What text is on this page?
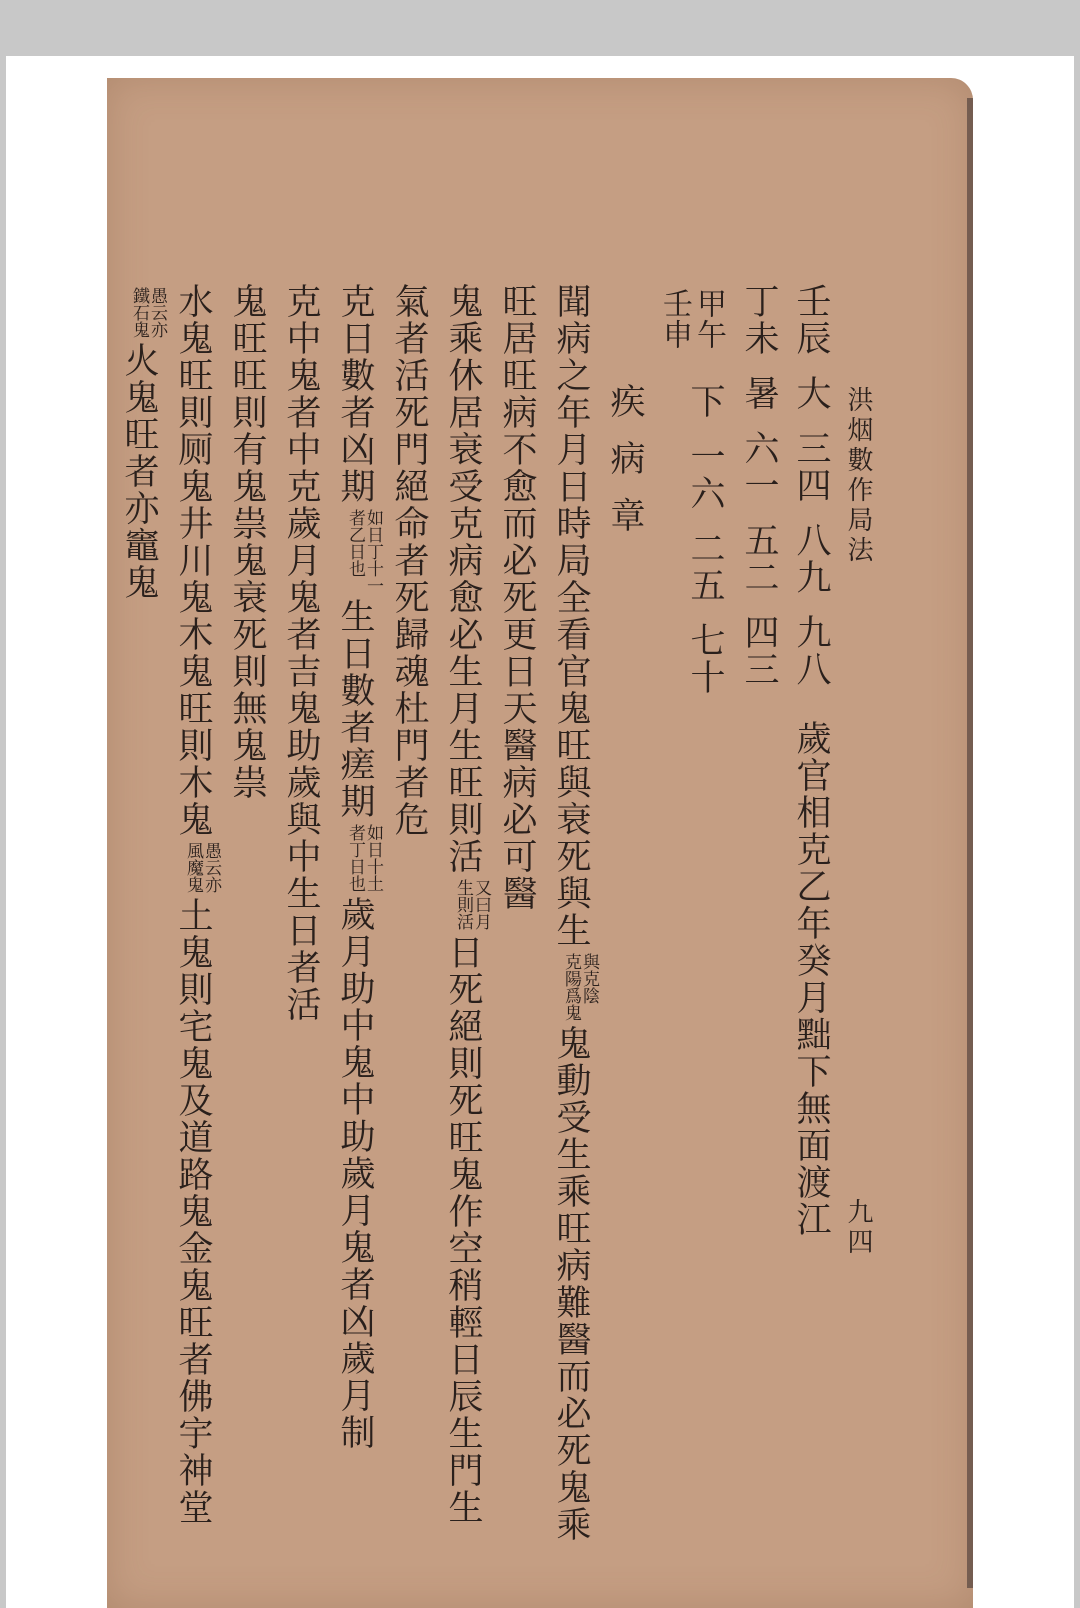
洪烟數作局法
九四
壬辰大三四八九九八歲官相克乙年癸月黜下無面渡江
丁未暑六一五二四三
甲午
壬申
下一六二五七十
疾病章
聞病之年月日時局全看官鬼旺與衰死與生
與克陰
克陽爲鬼
鬼動受生乘旺病難醫而必死鬼乘
旺居旺病不愈而必死更日天醫病必可醫
鬼乘休居衰受克病愈必生月生旺則活
又曰月
生則活
日死絕則死旺鬼作空稍輕日辰生門生
氣者活死門絕命者死歸魂杜門者危
克日數者凶期
如日丁十一
者乙日也
生日數者瘥期
如日十土
者丁日也
歲月助中鬼中助歲月鬼者凶歲月制
克中鬼者中克歲月鬼者吉鬼助歲與中生日者活
鬼旺旺則有鬼祟鬼衰死則無鬼祟
水鬼旺則厕鬼井川鬼木鬼旺則木鬼
愚云亦
風魔鬼
土鬼則宅鬼及道路鬼金鬼旺者佛宇神堂
愚云亦
鐵石鬼
火鬼旺者亦竈鬼
